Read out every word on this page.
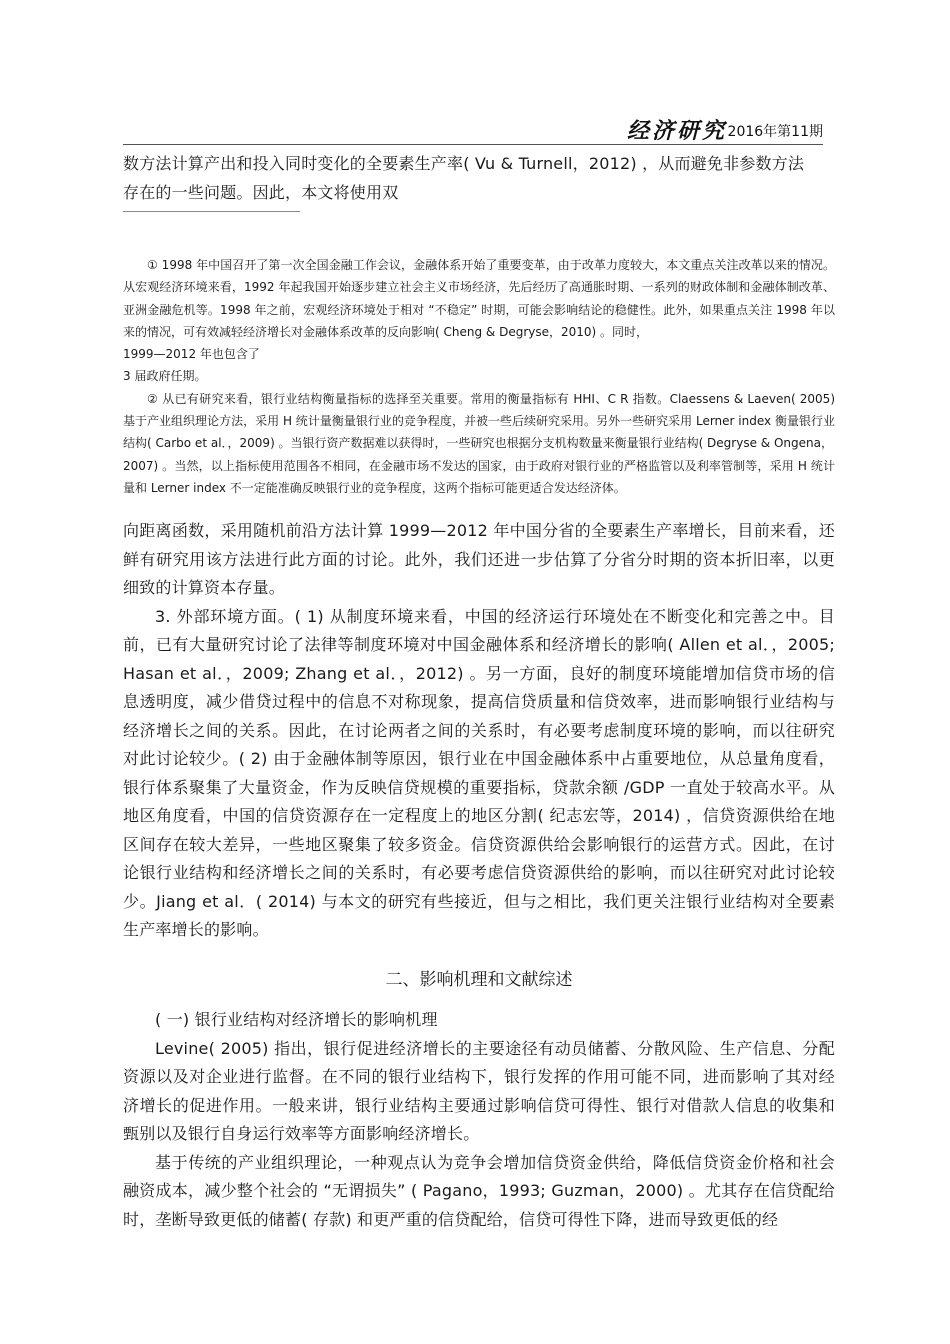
经济研究 2016年第11期

数方法计算产出和投入同时变化的全要素生产率( Vu & Turnell，2012) ，从而避免非参数方法

存在的一些问题。因此，本文将使用双

① 1998 年中国召开了第一次全国金融工作会议，金融体系开始了重要变革，由于改革力度较大，本文重点关注改革以来的情况。从宏观经济环境来看，1992 年起我国开始逐步建立社会主义市场经济，先后经历了高通胀时期、一系列的财政体制和金融体制改革、亚洲金融危机等。1998 年之前，宏观经济环境处于相对 “不稳定” 时期，可能会影响结论的稳健性。此外，如果重点关注 1998 年以来的情况，可有效减轻经济增长对金融体系改革的反向影响( Cheng & Degryse，2010) 。同时，

1999—2012 年也包含了

3 届政府任期。

② 从已有研究来看，银行业结构衡量指标的选择至关重要。常用的衡量指标有 HHI、C R 指数。Claessens & Laeven( 2005) 基于产业组织理论方法，采用 H 统计量衡量银行业的竞争程度，并被一些后续研究采用。另外一些研究采用 Lerner index 衡量银行业结构( Carbo et al．，2009) 。当银行资产数据难以获得时，一些研究也根据分支机构数量来衡量银行业结构( Degryse & Ongena，

2007) 。当然，以上指标使用范围各不相同，在金融市场不发达的国家，由于政府对银行业的严格监管以及利率管制等，采用 H 统计量和 Lerner index 不一定能准确反映银行业的竞争程度，这两个指标可能更适合发达经济体。

向距离函数，采用随机前沿方法计算 1999—2012 年中国分省的全要素生产率增长，目前来看，还鲜有研究用该方法进行此方面的讨论。此外，我们还进一步估算了分省分时期的资本折旧率，以更细致的计算资本存量。

3. 外部环境方面。( 1) 从制度环境来看，中国的经济运行环境处在不断变化和完善之中。目前，已有大量研究讨论了法律等制度环境对中国金融体系和经济增长的影响( Allen et al．，2005; Hasan et al．，2009; Zhang et al．，2012) 。另一方面，良好的制度环境能增加信贷市场的信息透明度，减少借贷过程中的信息不对称现象，提高信贷质量和信贷效率，进而影响银行业结构与经济增长之间的关系。因此，在讨论两者之间的关系时，有必要考虑制度环境的影响，而以往研究对此讨论较少。( 2) 由于金融体制等原因，银行业在中国金融体系中占重要地位，从总量角度看，银行体系聚集了大量资金，作为反映信贷规模的重要指标，贷款余额 /GDP 一直处于较高水平。从地区角度看，中国的信贷资源存在一定程度上的地区分割( 纪志宏等，2014) ，信贷资源供给在地区间存在较大差异，一些地区聚集了较多资金。信贷资源供给会影响银行的运营方式。因此，在讨论银行业结构和经济增长之间的关系时，有必要考虑信贷资源供给的影响，而以往研究对此讨论较少。Jiang et al．( 2014) 与本文的研究有些接近，但与之相比，我们更关注银行业结构对全要素生产率增长的影响。

二、影响机理和文献综述

( 一) 银行业结构对经济增长的影响机理

Levine( 2005) 指出，银行促进经济增长的主要途径有动员储蓄、分散风险、生产信息、分配资源以及对企业进行监督。在不同的银行业结构下，银行发挥的作用可能不同，进而影响了其对经济增长的促进作用。一般来讲，银行业结构主要通过影响信贷可得性、银行对借款人信息的收集和甄别以及银行自身运行效率等方面影响经济增长。

基于传统的产业组织理论，一种观点认为竞争会增加信贷资金供给，降低信贷资金价格和社会融资成本，减少整个社会的 “无谓损失” ( Pagano，1993; Guzman，2000) 。尤其存在信贷配给时，垄断导致更低的储蓄( 存款) 和更严重的信贷配给，信贷可得性下降，进而导致更低的经
